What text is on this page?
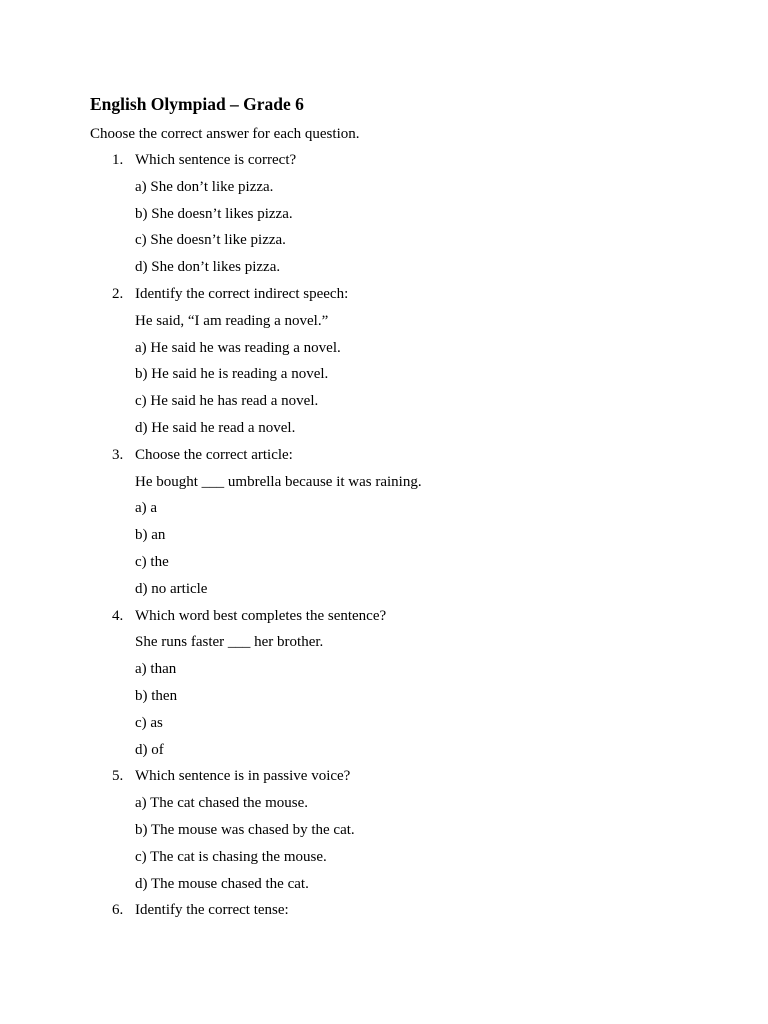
English Olympiad – Grade 6
Choose the correct answer for each question.
1. Which sentence is correct?
a) She don’t like pizza.
b) She doesn’t likes pizza.
c) She doesn’t like pizza.
d) She don’t likes pizza.
2. Identify the correct indirect speech:
He said, “I am reading a novel.”
a) He said he was reading a novel.
b) He said he is reading a novel.
c) He said he has read a novel.
d) He said he read a novel.
3. Choose the correct article:
He bought ___ umbrella because it was raining.
a) a
b) an
c) the
d) no article
4. Which word best completes the sentence?
She runs faster ___ her brother.
a) than
b) then
c) as
d) of
5. Which sentence is in passive voice?
a) The cat chased the mouse.
b) The mouse was chased by the cat.
c) The cat is chasing the mouse.
d) The mouse chased the cat.
6. Identify the correct tense:
